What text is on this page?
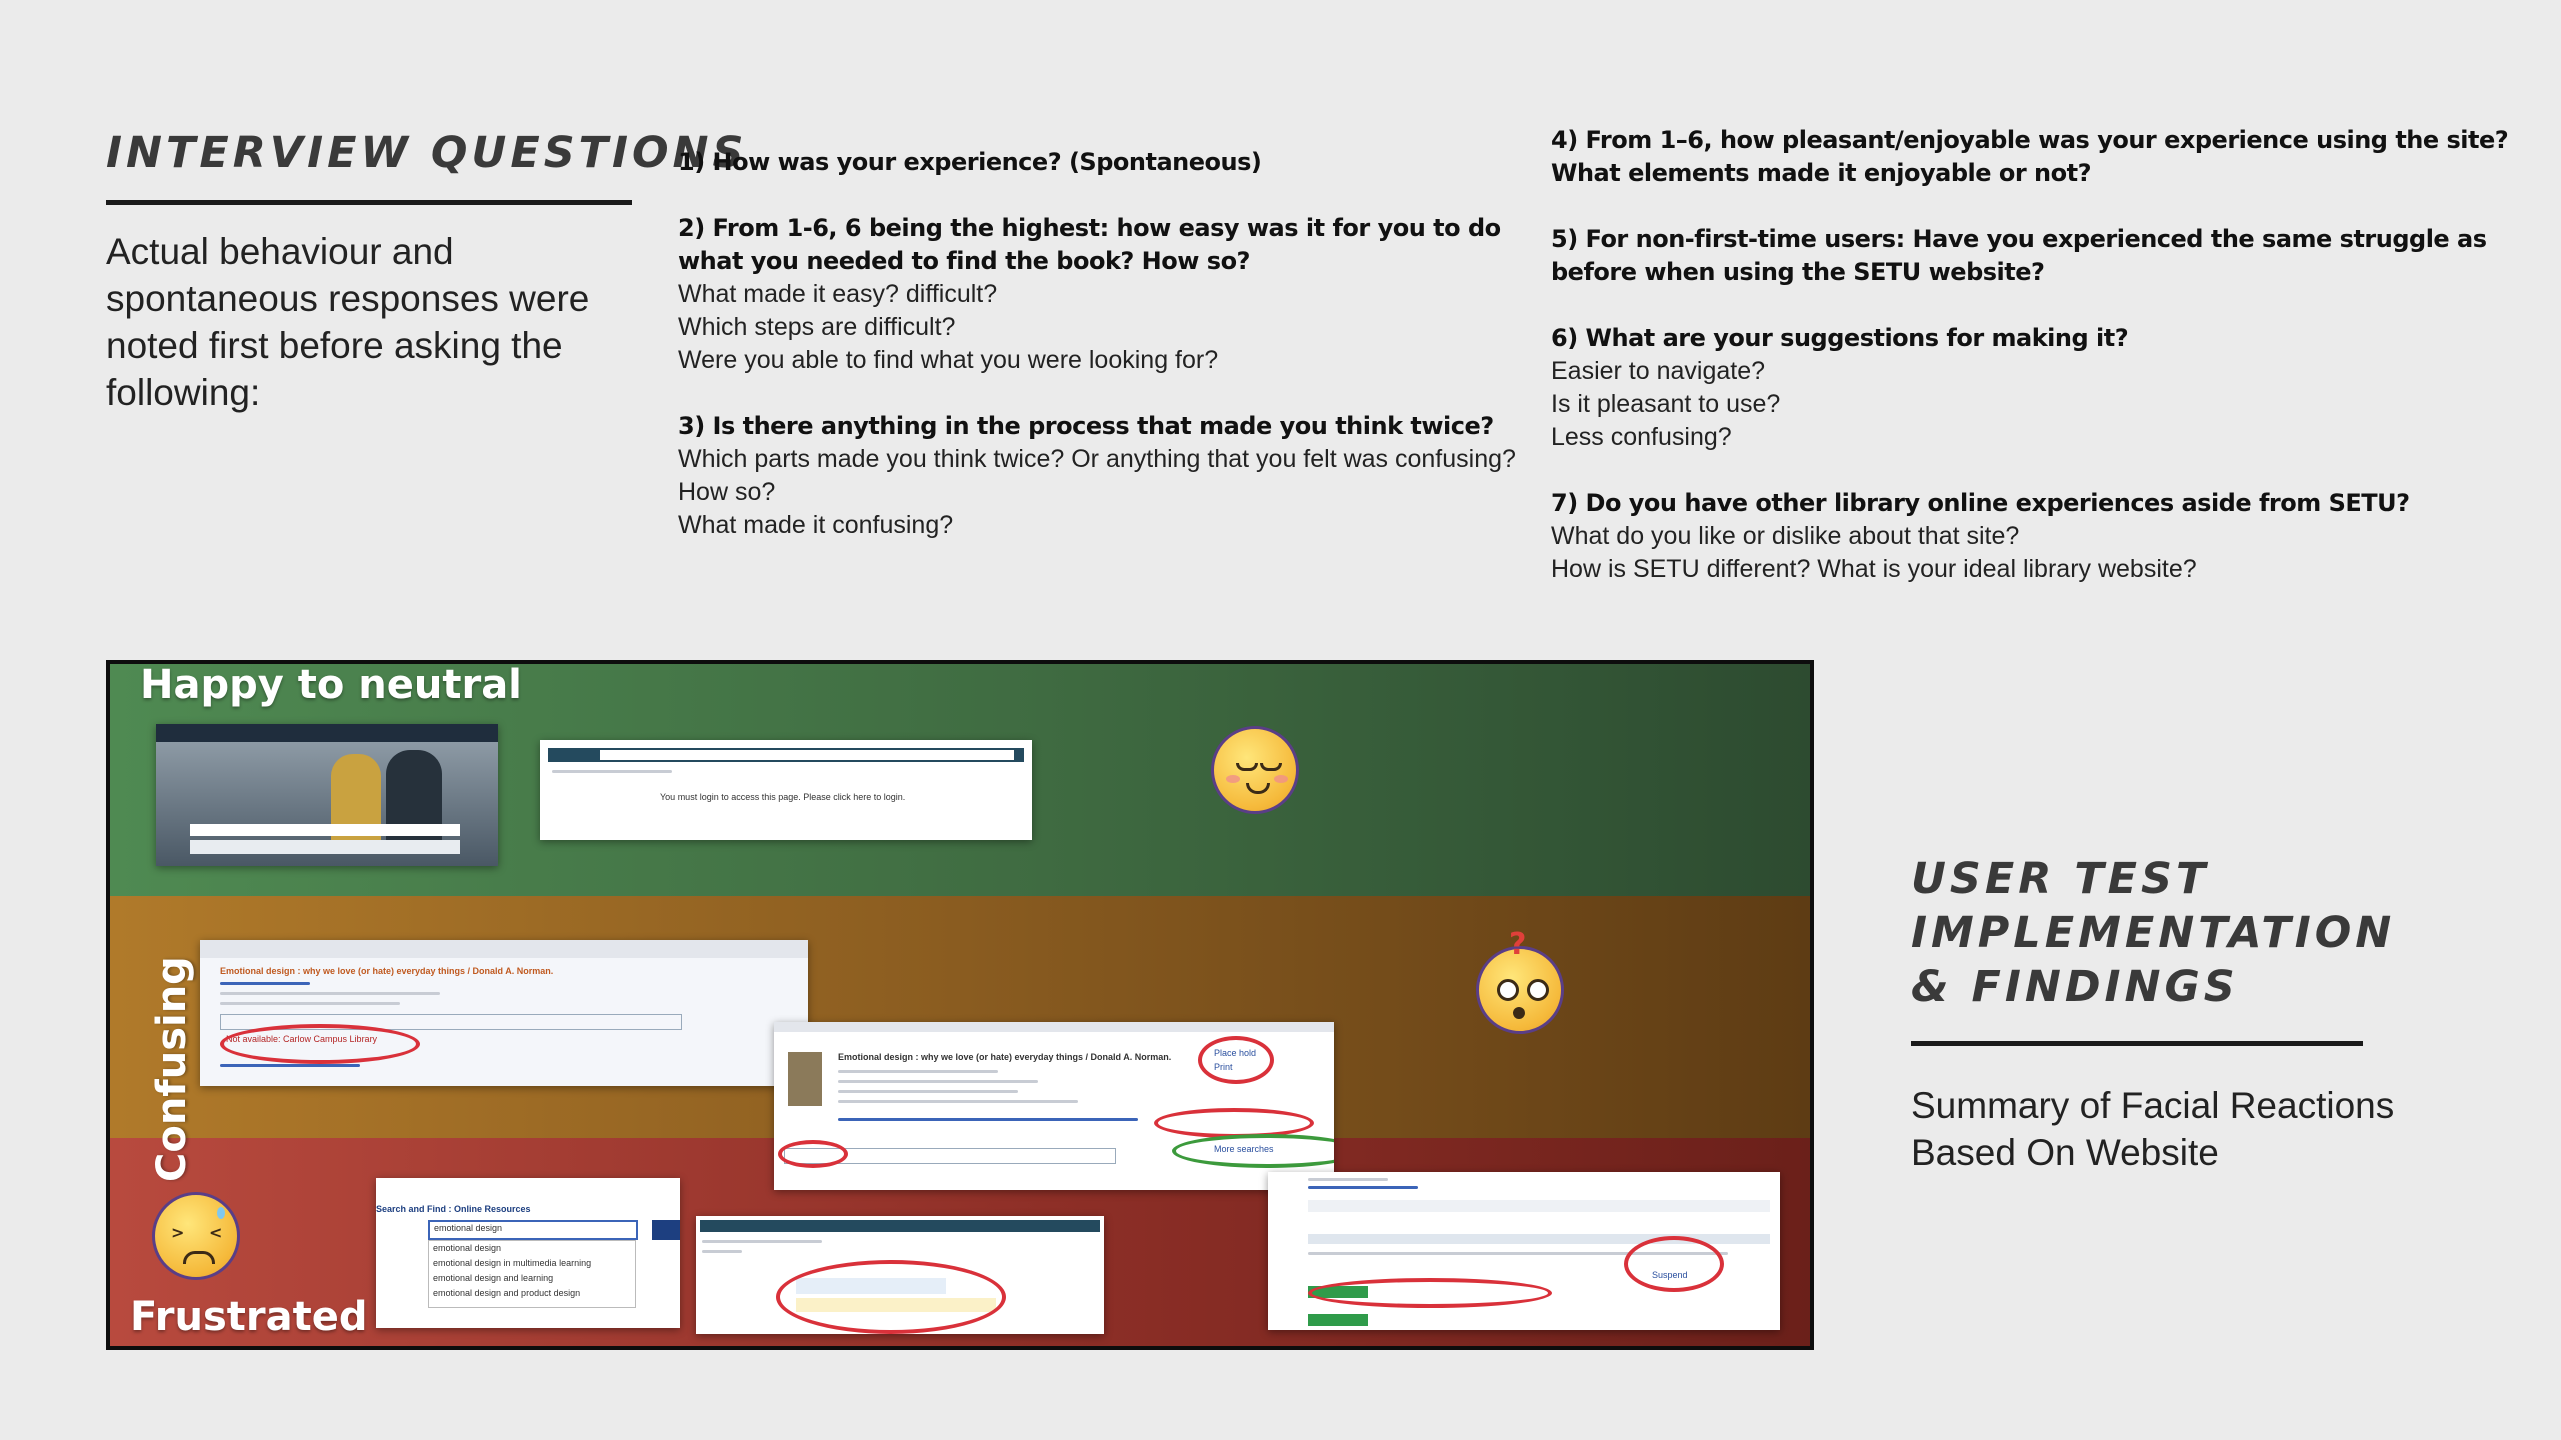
INTERVIEW QUESTIONS
Actual behaviour and spontaneous responses were noted first before asking the following:
1) How was your experience? (Spontaneous)
2) From 1-6, 6 being the highest: how easy was it for you to do what you needed to find the book? How so?
What made it easy? difficult?
Which steps are difficult?
Were you able to find what you were looking for?
3) Is there anything in the process that made you think twice?
Which parts made you think twice? Or anything that you felt was confusing? How so?
What made it confusing?
4) From 1–6, how pleasant/enjoyable was your experience using the site? What elements made it enjoyable or not?
5) For non-first-time users: Have you experienced the same struggle as before when using the SETU website?
6) What are your suggestions for making it?
Easier to navigate?
Is it pleasant to use?
Less confusing?
7) Do you have other library online experiences aside from SETU?
What do you like or dislike about that site?
How is SETU different? What is your ideal library website?
USER TEST IMPLEMENTATION & FINDINGS
Summary of Facial Reactions Based On Website
Happy to neutral
Confusing
Frustrated
?
> <
You must login to access this page. Please click here to login.
Emotional design : why we love (or hate) everyday things / Donald A. Norman.
Not available: Carlow Campus Library
Emotional design : why we love (or hate) everyday things / Donald A. Norman.	Place hold
Print
More searches
Search and Find : Online Resources
emotional design
emotional design
emotional design in multimedia learning
emotional design and learning
emotional design and product design
Suspend
